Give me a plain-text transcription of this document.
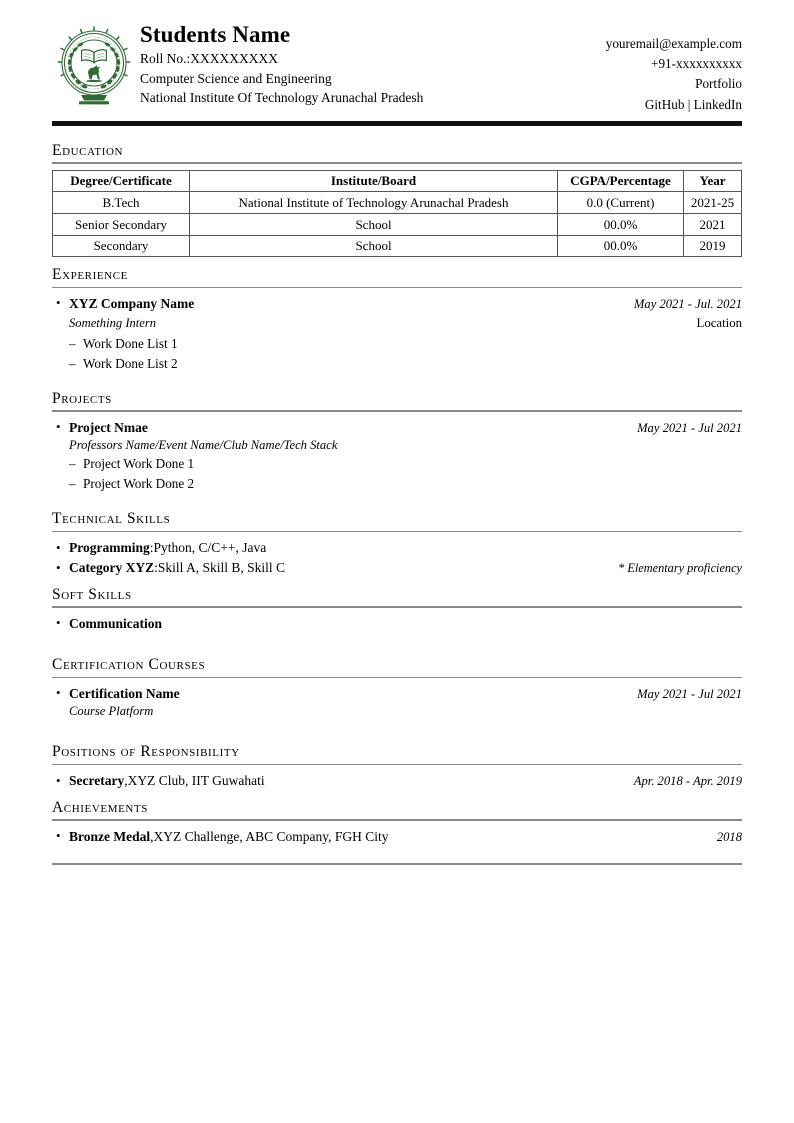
Students Name
Roll No.:XXXXXXXXX
Computer Science and Engineering
National Institute Of Technology Arunachal Pradesh
youremail@example.com
+91-xxxxxxxxxx
Portfolio
GitHub | LinkedIn
Education
Degree/Certificate	Institute/Board	CGPA/Percentage	Year
B.Tech	National Institute of Technology Arunachal Pradesh	0.0 (Current)	2021-25
Senior Secondary	School	00.0%	2021
Secondary	School	00.0%	2019
Experience
• XYZ Company Name	May 2021 - Jul. 2021
Something Intern	Location
– Work Done List 1
– Work Done List 2
Projects
• Project Nmae	May 2021 - Jul 2021
Professors Name/Event Name/Club Name/Tech Stack
– Project Work Done 1
– Project Work Done 2
Technical Skills
• Programming:Python, C/C++, Java
• Category XYZ:Skill A, Skill B, Skill C	* Elementary proficiency
Soft Skills
• Communication
Certification Courses
• Certification Name	May 2021 - Jul 2021
Course Platform
Positions of Responsibility
• Secretary,XYZ Club, IIT Guwahati	Apr. 2018 - Apr. 2019
Achievements
• Bronze Medal,XYZ Challenge, ABC Company, FGH City	2018
